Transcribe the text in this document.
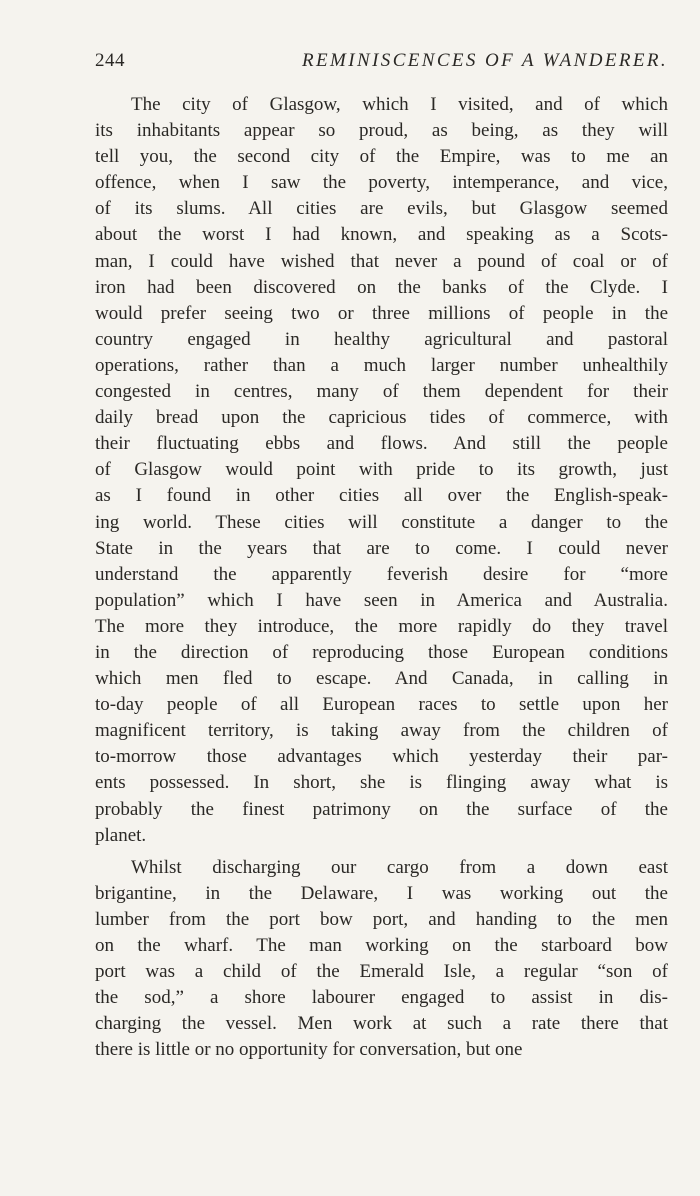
244	REMINISCENCES OF A WANDERER.
The city of Glasgow, which I visited, and of which
its inhabitants appear so proud, as being, as they will
tell you, the second city of the Empire, was to me an
offence, when I saw the poverty, intemperance, and vice,
of its slums. All cities are evils, but Glasgow seemed
about the worst I had known, and speaking as a Scots-
man, I could have wished that never a pound of coal or of
iron had been discovered on the banks of the Clyde. I
would prefer seeing two or three millions of people in the
country engaged in healthy agricultural and pastoral
operations, rather than a much larger number unhealthily
congested in centres, many of them dependent for their
daily bread upon the capricious tides of commerce, with
their fluctuating ebbs and flows. And still the people
of Glasgow would point with pride to its growth, just
as I found in other cities all over the English-speak-
ing world. These cities will constitute a danger to the
State in the years that are to come. I could never
understand the apparently feverish desire for “more
population” which I have seen in America and Australia.
The more they introduce, the more rapidly do they travel
in the direction of reproducing those European conditions
which men fled to escape. And Canada, in calling in
to-day people of all European races to settle upon her
magnificent territory, is taking away from the children of
to-morrow those advantages which yesterday their par-
ents possessed. In short, she is flinging away what is
probably the finest patrimony on the surface of the
planet.
Whilst discharging our cargo from a down east
brigantine, in the Delaware, I was working out the
lumber from the port bow port, and handing to the men
on the wharf. The man working on the starboard bow
port was a child of the Emerald Isle, a regular “son of
the sod,” a shore labourer engaged to assist in dis-
charging the vessel. Men work at such a rate there that
there is little or no opportunity for conversation, but one
